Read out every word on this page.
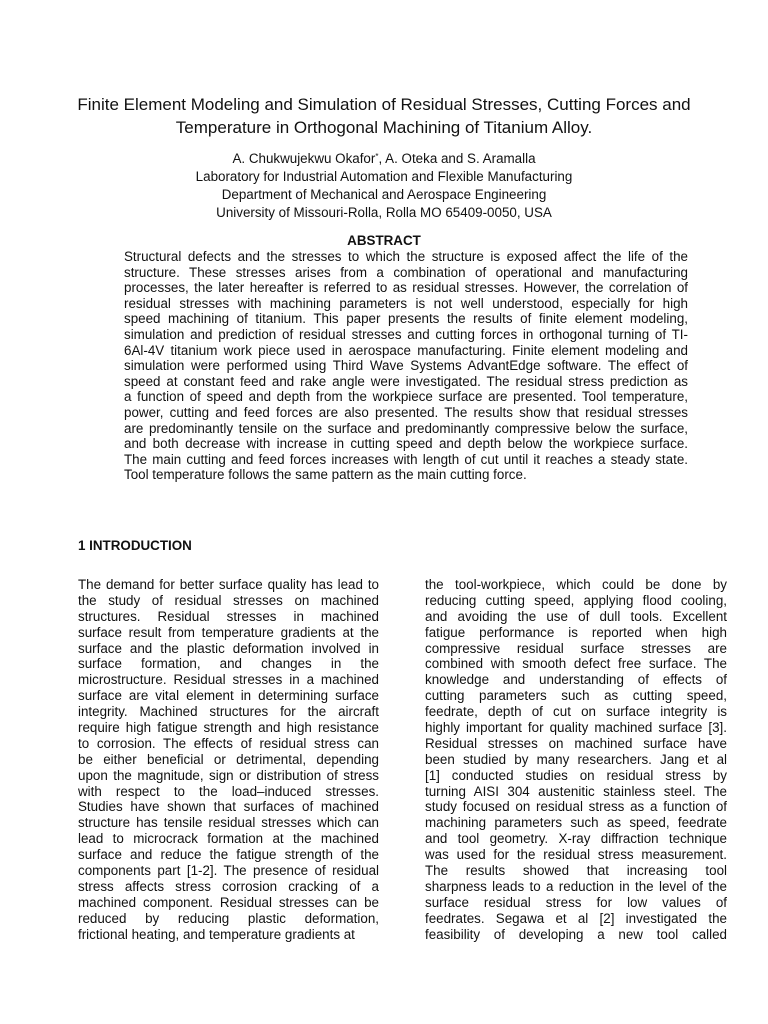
Finite Element Modeling and Simulation of Residual Stresses, Cutting Forces and
Temperature in Orthogonal Machining of Titanium Alloy.
A. Chukwujekwu Okafor*, A. Oteka and S. Aramalla
Laboratory for Industrial Automation and Flexible Manufacturing
Department of Mechanical and Aerospace Engineering
University of Missouri-Rolla, Rolla MO 65409-0050, USA
ABSTRACT
Structural defects and the stresses to which the structure is exposed affect the life of the
structure. These stresses arises from a combination of operational and manufacturing
processes, the later hereafter is referred to as residual stresses. However, the correlation of
residual stresses with machining parameters is not well understood, especially for high
speed machining of titanium. This paper presents the results of finite element modeling,
simulation and prediction of residual stresses and cutting forces in orthogonal turning of TI-
6Al-4V titanium work piece used in aerospace manufacturing. Finite element modeling and
simulation were performed using Third Wave Systems AdvantEdge software. The effect of
speed at constant feed and rake angle were investigated. The residual stress prediction as
a function of speed and depth from the workpiece surface are presented. Tool temperature,
power, cutting and feed forces are also presented. The results show that residual stresses
are predominantly tensile on the surface and predominantly compressive below the surface,
and both decrease with increase in cutting speed and depth below the workpiece surface.
The main cutting and feed forces increases with length of cut until it reaches a steady state.
Tool temperature follows the same pattern as the main cutting force.
1 INTRODUCTION
The demand for better surface quality has lead to
the study of residual stresses on machined
structures. Residual stresses in machined
surface result from temperature gradients at the
surface and the plastic deformation involved in
surface formation, and changes in the
microstructure. Residual stresses in a machined
surface are vital element in determining surface
integrity. Machined structures for the aircraft
require high fatigue strength and high resistance
to corrosion. The effects of residual stress can
be either beneficial or detrimental, depending
upon the magnitude, sign or distribution of stress
with respect to the load–induced stresses.
Studies have shown that surfaces of machined
structure has tensile residual stresses which can
lead to microcrack formation at the machined
surface and reduce the fatigue strength of the
components part [1-2]. The presence of residual
stress affects stress corrosion cracking of a
machined component. Residual stresses can be
reduced by reducing plastic deformation,
frictional heating, and temperature gradients at
the tool-workpiece, which could be done by
reducing cutting speed, applying flood cooling,
and avoiding the use of dull tools. Excellent
fatigue performance is reported when high
compressive residual surface stresses are
combined with smooth defect free surface. The
knowledge and understanding of effects of
cutting parameters such as cutting speed,
feedrate, depth of cut on surface integrity is
highly important for quality machined surface [3].
Residual stresses on machined surface have
been studied by many researchers. Jang et al
[1] conducted studies on residual stress by
turning AISI 304 austenitic stainless steel. The
study focused on residual stress as a function of
machining parameters such as speed, feedrate
and tool geometry. X-ray diffraction technique
was used for the residual stress measurement.
The results showed that increasing tool
sharpness leads to a reduction in the level of the
surface residual stress for low values of
feedrates. Segawa et al [2] investigated the
feasibility of developing a new tool called
